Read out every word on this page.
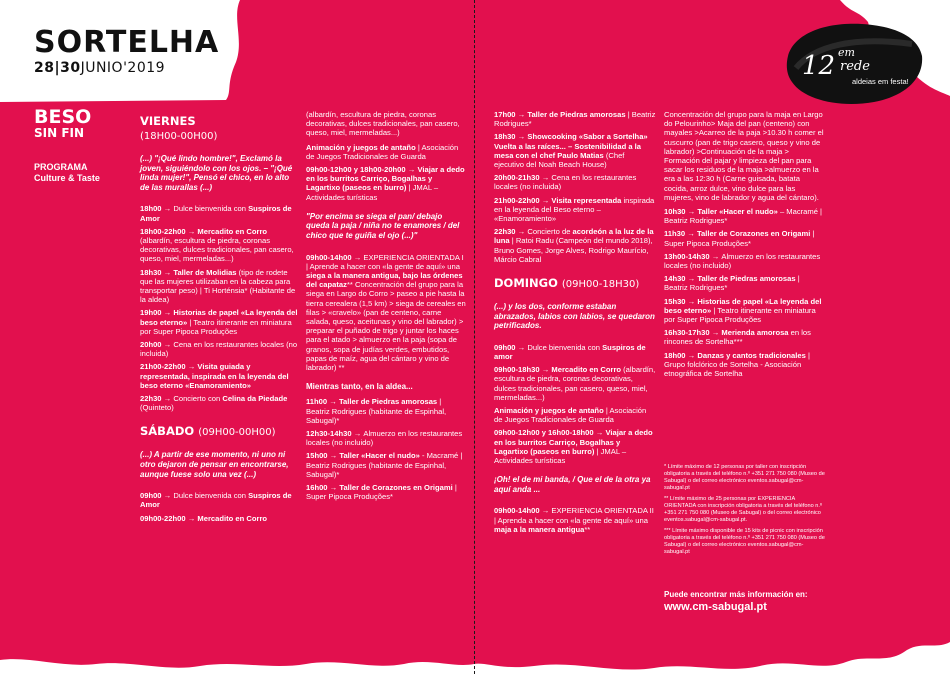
SORTELHA
28|30JUNIO'2019	12 em
rede
aldeias em festa!
BESO
SIN FIN
PROGRAMA
Culture & Taste
VIERNES
(18H00-00H00)

(...) "¡Qué lindo hombre!", Exclamó la joven, siguiéndolo con los ojos. – "¡Qué linda mujer!", Pensó el chico, en lo alto de las murallas (...)

18h00 → Dulce bienvenida con Suspiros de Amor

18h00-22h00 → Mercadito en Corro (albardín, escultura de piedra, coronas decorativas, dulces tradicionales, pan casero, queso, miel, mermeladas...)

18h30 → Taller de Molidias (tipo de rodete que las mujeres utilizaban en la cabeza para transportar peso) | Ti Horténsia* (Habitante de la aldea)

19h00 → Historias de papel «La leyenda del beso eterno» | Teatro itinerante en miniatura por Super Pipoca Produções

20h00 → Cena en los restaurantes locales (no incluida)

21h00-22h00 → Visita guiada y representada, inspirada en la leyenda del beso eterno «Enamoramiento»

22h30 → Concierto con Celina da Piedade (Quinteto)

SÁBADO (09H00-00H00)

(...) A partir de ese momento, ni uno ni otro dejaron de pensar en encontrarse, aunque fuese solo una vez (...)

09h00 → Dulce bienvenida con Suspiros de Amor

09h00-22h00 → Mercadito en Corro

(albardín, escultura de piedra, coronas decorativas, dulces tradicionales, pan casero, queso, miel, mermeladas...)

Animación y juegos de antaño | Asociación de Juegos Tradicionales de Guarda

09h00-12h00 y 18h00-20h00 → Viajar a dedo en los burritos Carriço, Bogalhas y Lagartixo (paseos en burro) | JMAL – Actividades turísticas

"Por encima se siega el pan/ debajo queda la paja / niña no te enamores / del chico que te guiña el ojo (...)"

09h00-14h00 → EXPERIENCIA ORIENTADA I | Aprende a hacer con «la gente de aquí» una siega a la manera antigua, bajo las órdenes del capataz** Concentración del grupo para la siega en Largo do Corro > paseo a pie hasta la tierra cerealera (1,5 km) > siega de cereales en filas > «cravelo» (pan de centeno, carne salada, queso, aceitunas y vino del labrador) > preparar el puñado de trigo y juntar los haces para el atado > almuerzo en la paja (sopa de granos, sopa de judías verdes, embutidos, papas de maíz, agua del cántaro y vino de labrador) **

Mientras tanto, en la aldea...

11h00 → Taller de Piedras amorosas | Beatriz Rodrigues (habitante de Espinhal, Sabugal)*

12h30-14h30 → Almuerzo en los restaurantes locales (no incluido)

15h00 → Taller «Hacer el nudo» - Macramé | Beatriz Rodrigues (habitante de Espinhal, Sabugal)*

16h00 → Taller de Corazones en Origami | Super Pipoca Produções*

17h00 → Taller de Piedras amorosas | Beatriz Rodrigues*

18h30 → Showcooking «Sabor a Sortelha» Vuelta a las raíces... – Sostenibilidad a la mesa con el chef Paulo Matias (Chef ejecutivo del Noah Beach House)

20h00-21h30 → Cena en los restaurantes locales (no incluida)

21h00-22h00 → Visita representada inspirada en la leyenda del Beso eterno – «Enamoramiento»

22h30 → Concierto de acordeón a la luz de la luna | Ratoi Radu (Campeón del mundo 2018), Bruno Gomes, Jorge Alves, Rodrigo Maurício, Márcio Cabral

DOMINGO (09H00-18H30)

(...) y los dos, conforme estaban abrazados, labios con labios, se quedaron petrificados.

09h00 → Dulce bienvenida con Suspiros de amor

09h00-18h30 → Mercadito en Corro (albardín, escultura de piedra, coronas decorativas, dulces tradicionales, pan casero, queso, miel, mermeladas...)

Animación y juegos de antaño | Asociación de Juegos Tradicionales de Guarda

09h00-12h00 y 16h00-18h00 → Viajar a dedo en los burritos Carriço, Bogalhas y Lagartixo (paseos en burro) | JMAL – Actividades turísticas

¡Oh! el de mi banda, / Que el de la otra ya aquí anda ...

09h00-14h00 → EXPERIENCIA ORIENTADA II | Aprenda a hacer con «la gente de aquí» una maja a la manera antigua**

Concentración del grupo para la maja en Largo do Pelourinho> Maja del pan (centeno) con mayales >Acarreo de la paja >10.30 h comer el cuscurro (pan de trigo casero, queso y vino de labrador) >Continuación de la maja > Formación del pajar y limpieza del pan para sacar los residuos de la maja >almuerzo en la era a las 12:30 h (Carne guisada, batata cocida, arroz dulce, vino dulce para las mujeres, vino de labrador y agua del cántaro).

10h30 → Taller «Hacer el nudo» – Macramé | Beatriz Rodrigues*

11h30 → Taller de Corazones en Origami | Super Pipoca Produções*

13h00-14h30 → Almuerzo en los restaurantes locales (no incluido)

14h30 → Taller de Piedras amorosas | Beatriz Rodrigues*

15h30 → Historias de papel «La leyenda del beso eterno» | Teatro itinerante en miniatura por Super Pipoca Produções

16h30-17h30 → Merienda amorosa en los rincones de Sortelha***

18h00 → Danzas y cantos tradicionales | Grupo folclórico de Sortelha - Asociación etnográfica de Sortelha

* Límite máximo de 12 personas por taller con inscripción obligatoria a través del teléfono n.º +351 271 750 080 (Museo de Sabugal) o del correo electrónico eventos.sabugal@cm-sabugal.pt

** Límite máximo de 25 personas por EXPERIENCIA ORIENTADA con inscripción obligatoria a través del teléfono n.º +351 271 750 080 (Museo de Sabugal) o del correo electrónico eventos.sabugal@cm-sabugal.pt.

*** Límite máximo disponible de 15 kits de picnic con inscripción obligatoria a través del teléfono n.º +351 271 750 080 (Museo de Sabugal) o del correo electrónico eventos.sabugal@cm-sabugal.pt

Puede encontrar más información en:
www.cm-sabugal.pt
